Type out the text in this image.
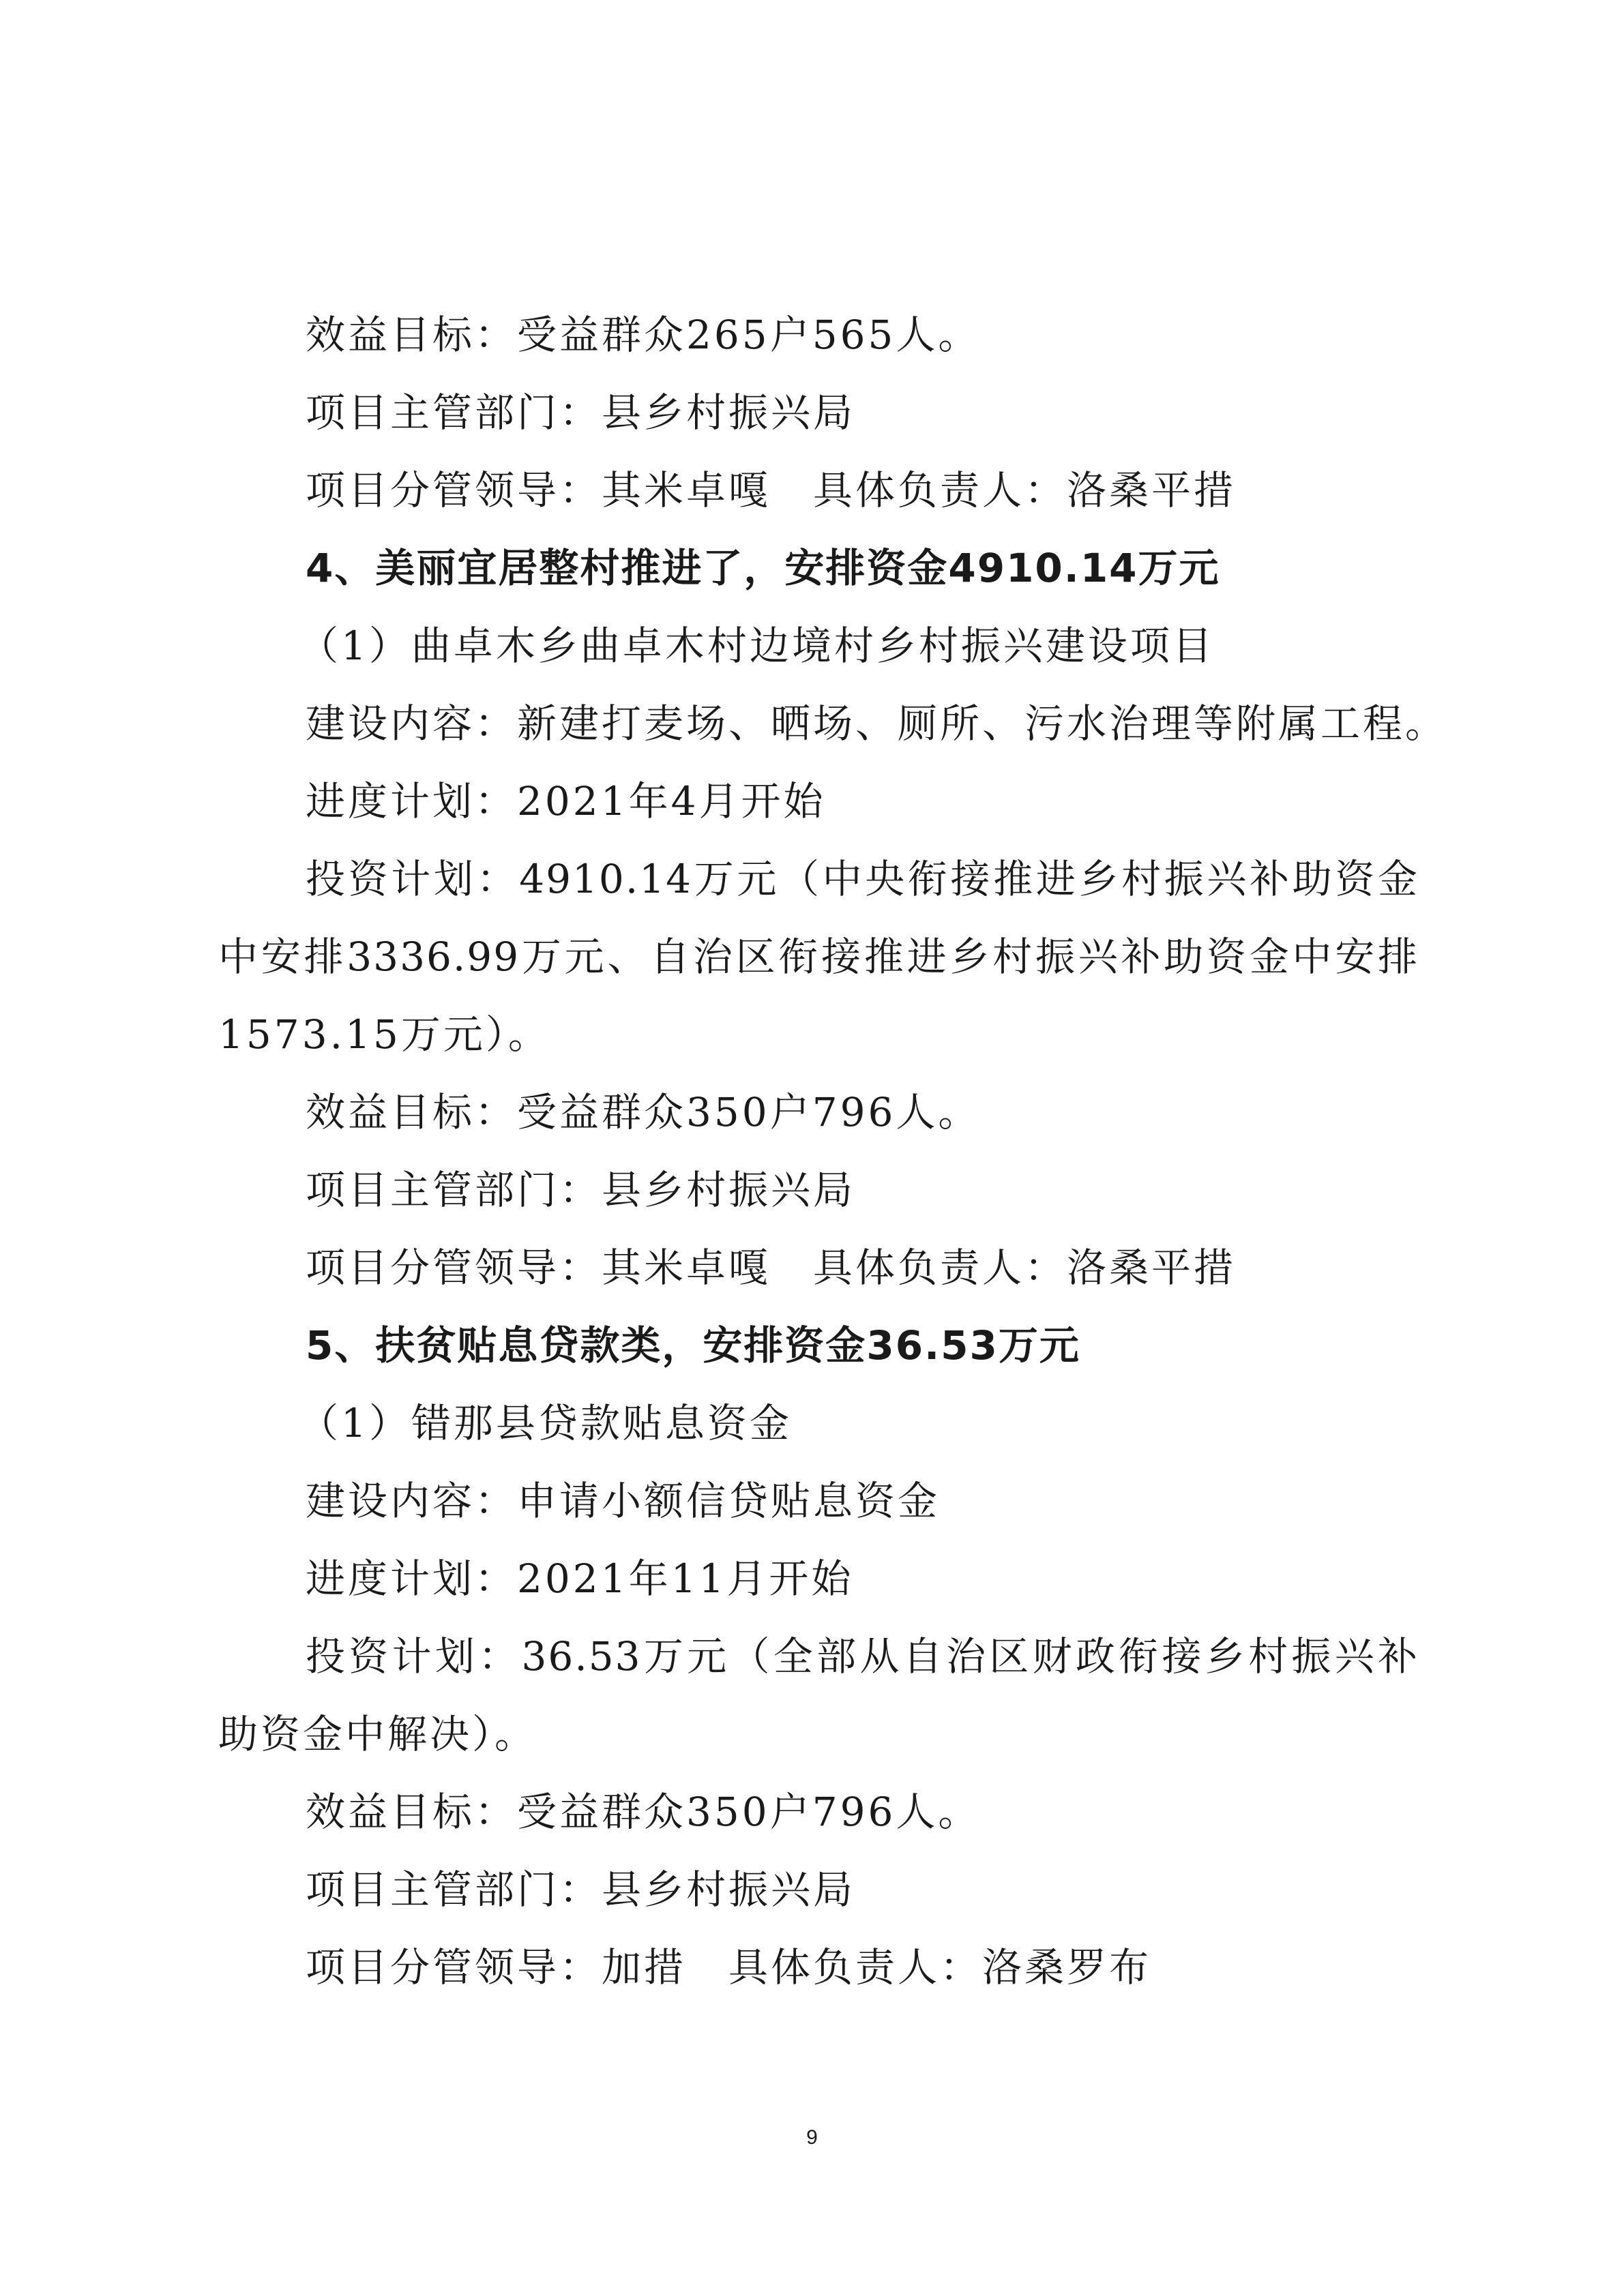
效益目标：受益群众265户565人。
项目主管部门：县乡村振兴局
项目分管领导：其米卓嘎　具体负责人：洛桑平措
4、美丽宜居整村推进了，安排资金4910.14万元
（1）曲卓木乡曲卓木村边境村乡村振兴建设项目
建设内容：新建打麦场、晒场、厕所、污水治理等附属工程。
进度计划：2021年4月开始
投资计划：4910.14万元（中央衔接推进乡村振兴补助资金
中安排3336.99万元、自治区衔接推进乡村振兴补助资金中安排
1573.15万元）。
效益目标：受益群众350户796人。
项目主管部门：县乡村振兴局
项目分管领导：其米卓嘎　具体负责人：洛桑平措
5、扶贫贴息贷款类，安排资金36.53万元
（1）错那县贷款贴息资金
建设内容：申请小额信贷贴息资金
进度计划：2021年11月开始
投资计划：36.53万元（全部从自治区财政衔接乡村振兴补
助资金中解决）。
效益目标：受益群众350户796人。
项目主管部门：县乡村振兴局
项目分管领导：加措　具体负责人：洛桑罗布
9
